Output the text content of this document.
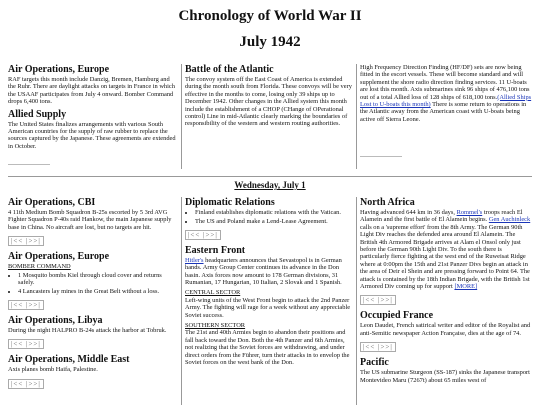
Chronology of World War II
July 1942
Air Operations, Europe

RAF targets this month include Danzig, Bremen, Hamburg and the Ruhr. There are daylight attacks on targets in France in which the USAAF participates from July 4 onward. Bomber Command drops 6,400 tons.

Allied Supply

The United States finalizes arrangements with various South American countries for the supply of raw rubber to replace the sources captured by the Japanese. These agreements are extended in October.

Battle of the Atlantic

The convoy system off the East Coast of America is extended during the month south from Florida. These convoys will be very effective in the months to come, losing only 39 ships up to December 1942. Other changes in the Allied system this month include the establishment of a CHOP (CHange of OPerational control) Line in mid-Atlantic clearly marking the boundaries of responsibility of the western and western routing authorities.

High Frequency Direction Finding (HF/DF) sets are now being fitted in the escort vessels. These will become standard and will supplement the shore radio direction finding services. 11 U-boats are lost this month. Axis submarines sink 96 ships of 476,100 tons out of a total Allied loss of 128 ships of 618,100 tons.(Allied Ships Lost to U-boats this month) There is some return to operations in the Atlantic away from the American coast with U-boats being active off Sierra Leone.

Wednesday, July 1
Air Operations, CBI

4 11th Medium Bomb Squadron B-25s escorted by 5 3rd AVG Fighter Squadron P-40s raid Hankow, the main Japanese supply base in China. No aircraft are lost, but no targets are hit.

|<< |>>|
Air Operations, Europe

BOMBER COMMAND

• 1 Mosquito bombs Kiel through cloud cover and returns safely.
• 4 Lancasters lay mines in the Great Belt without a loss.
|<< |>>|
Air Operations, Libya

During the night HALPRO B-24s attack the harbor at Tobruk.

|<< |>>|
Air Operations, Middle East

Axis planes bomb Haifa, Palestine.

|<< |>>|
Diplomatic Relations
• Finland establishes diplomatic relations with the Vatican.
• The US and Poland make a Lend-Lease Agreement.
|<< |>>|
Eastern Front

Hitler's headquarters announces that Sevastopol is in German hands. Army Group Center continues its advance in the Don basin. Axis forces now amount to 178 German divisions, 31 Rumanian, 17 Hungarian, 10 Italian, 2 Slovak and 1 Spanish.

CENTRAL SECTOR

Left-wing units of the West Front begin to attack the 2nd Panzer Army. The fighting will rage for a week without any appreciable Soviet success.

SOUTHERN SECTOR

The 21st and 40th Armies begin to abandon their positions and fall back toward the Don. Both the 4th Panzer and 6th Armies, not realizing that the Soviet forces are withdrawing, and under direct orders from the Führer, turn their attacks in to envelop the Soviet forces on the west bank of the Don.

North Africa

Having advanced 644 km in 36 days, Rommel's troops reach El Alamein and the first battle of El Alamein begins. Gen Auchinleck calls on a 'supreme effort' from the 8th Army. The German 90th Light Div reaches the defended area around El Alamein. The British 4th Armored Brigade arrives at Alam el Onsol only just before the German 90th Light Div. To the south there is particularly fierce fighting at the west end of the Ruweisat Ridge where at 0:00pm the 15th and 21st Panzer Divs begin an attack in the area of Deir el Shein and are pressing forward to Point 64. The attack is contained by the 18th Indian Brigade, with the British 1st Armored Div coming up for support [MORE]

|<< |>>|
Occupied France

Leon Daudet, French satirical writer and editor of the Royalist and anti-Semitic newspaper Action Française, dies at the age of 74.

|<< |>>|
Pacific

The US submarine Sturgeon (SS-187) sinks the Japanese transport Montevideo Maru (7267t) about 65 miles west of
